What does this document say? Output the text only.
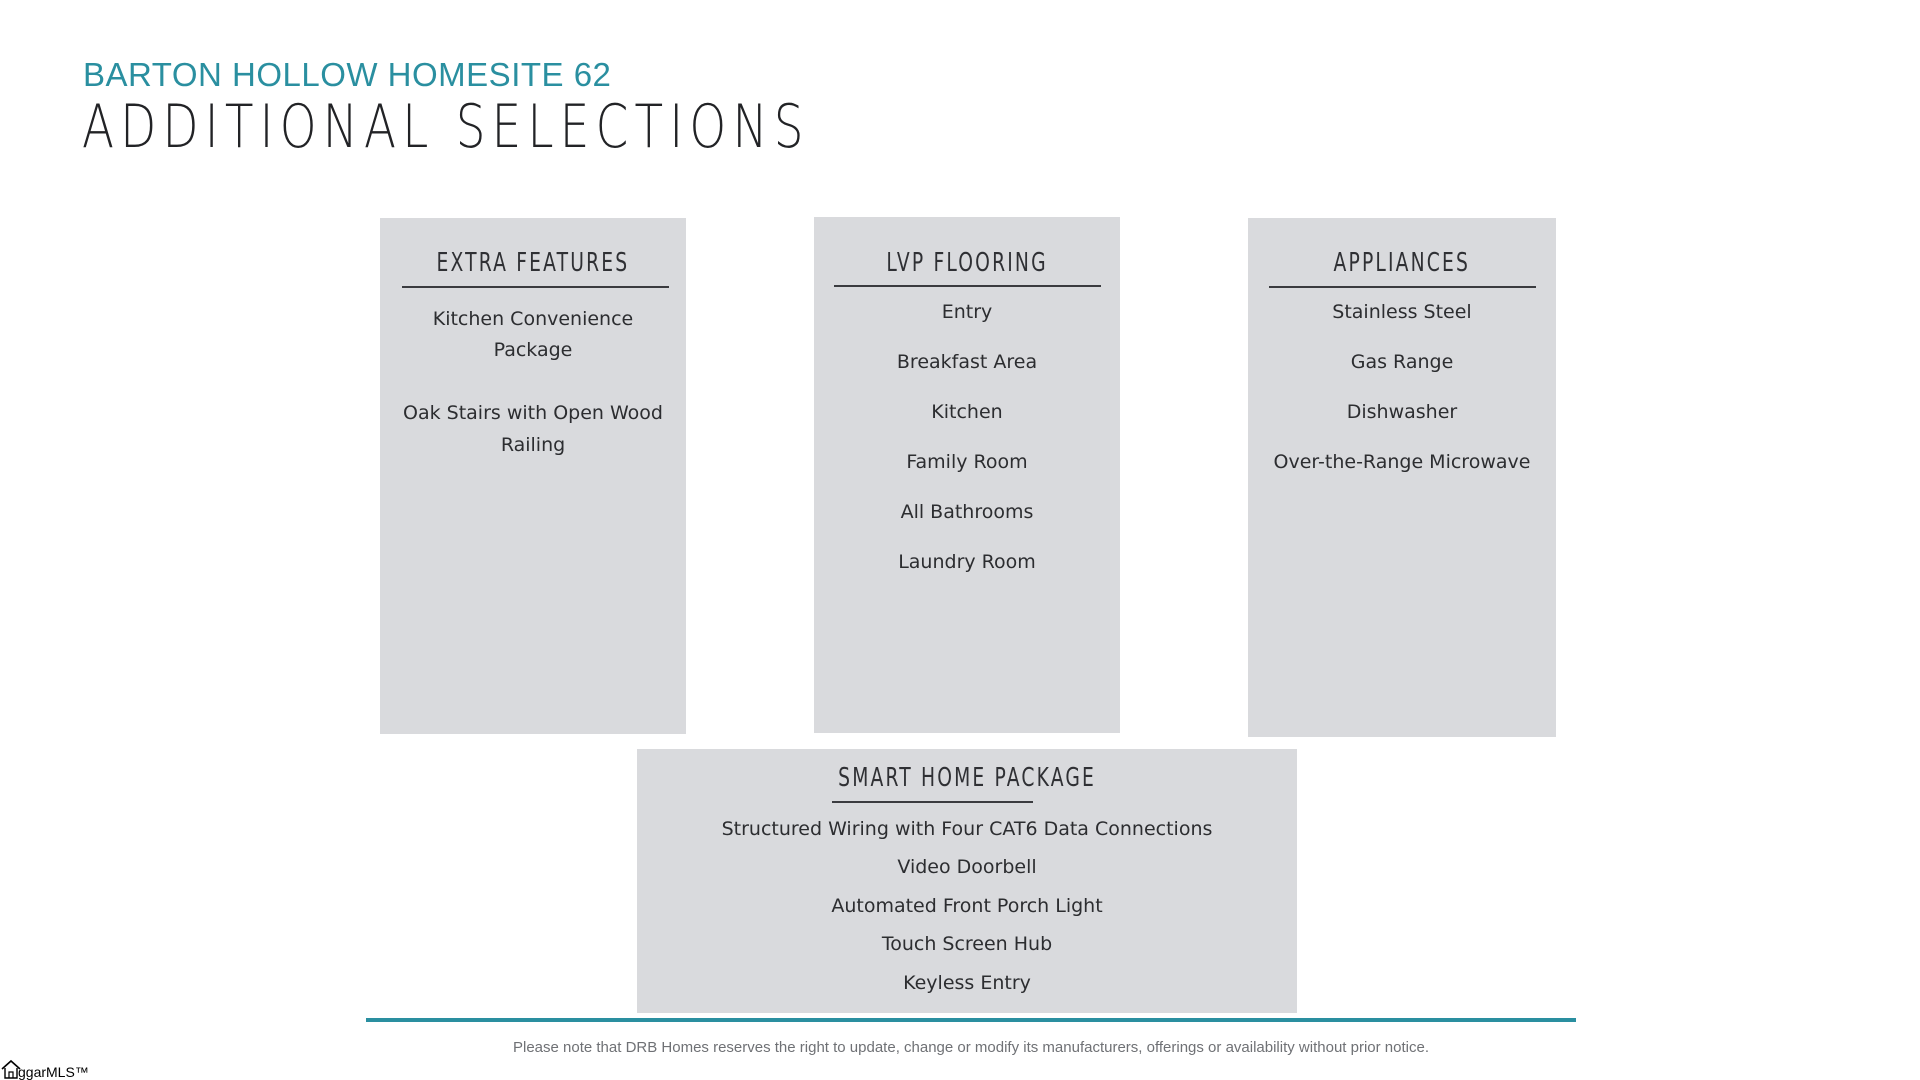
BARTON HOLLOW HOMESITE 62
ADDITIONAL SELECTIONS
EXTRA FEATURES
Kitchen Convenience
Package
Oak Stairs with Open Wood
Railing
LVP FLOORING
Entry
Breakfast Area
Kitchen
Family Room
All Bathrooms
Laundry Room
APPLIANCES
Stainless Steel
Gas Range
Dishwasher
Over-the-Range Microwave
SMART HOME PACKAGE
Structured Wiring with Four CAT6 Data Connections
Video Doorbell
Automated Front Porch Light
Touch Screen Hub
Keyless Entry
Please note that DRB Homes reserves the right to update, change or modify its manufacturers, offerings or availability without prior notice.
ggarMLS™
